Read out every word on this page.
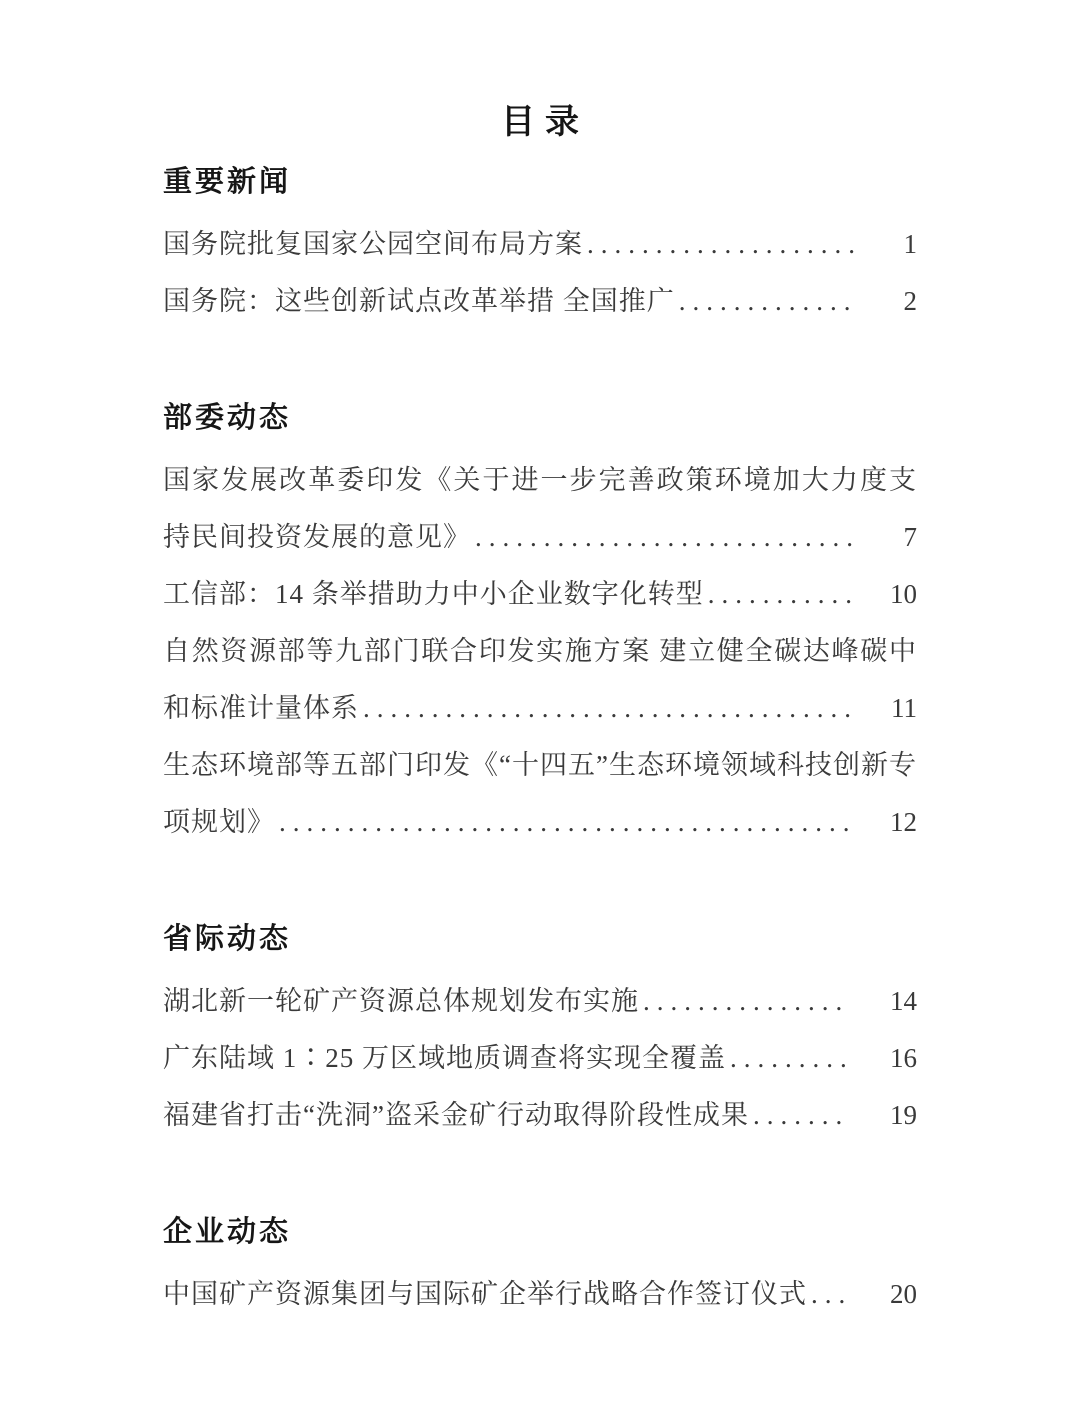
目录
重要新闻
国务院批复国家公园空间布局方案 .................... 1
国务院：这些创新试点改革举措 全国推广 ............. 2
部委动态
国家发展改革委印发《关于进一步完善政策环境加大力度支持民间投资发展的意见》 ............................ 7
工信部：14 条举措助力中小企业数字化转型 ........... 10
自然资源部等九部门联合印发实施方案 建立健全碳达峰碳中和标准计量体系 .................................... 11
生态环境部等五部门印发《“十四五”生态环境领域科技创新专项规划》 .......................................... 12
省际动态
湖北新一轮矿产资源总体规划发布实施 ............... 14
广东陆域 1∶25 万区域地质调查将实现全覆盖 ......... 16
福建省打击“洗洞”盗采金矿行动取得阶段性成果 ....... 19
企业动态
中国矿产资源集团与国际矿企举行战略合作签订仪式 ... 20
